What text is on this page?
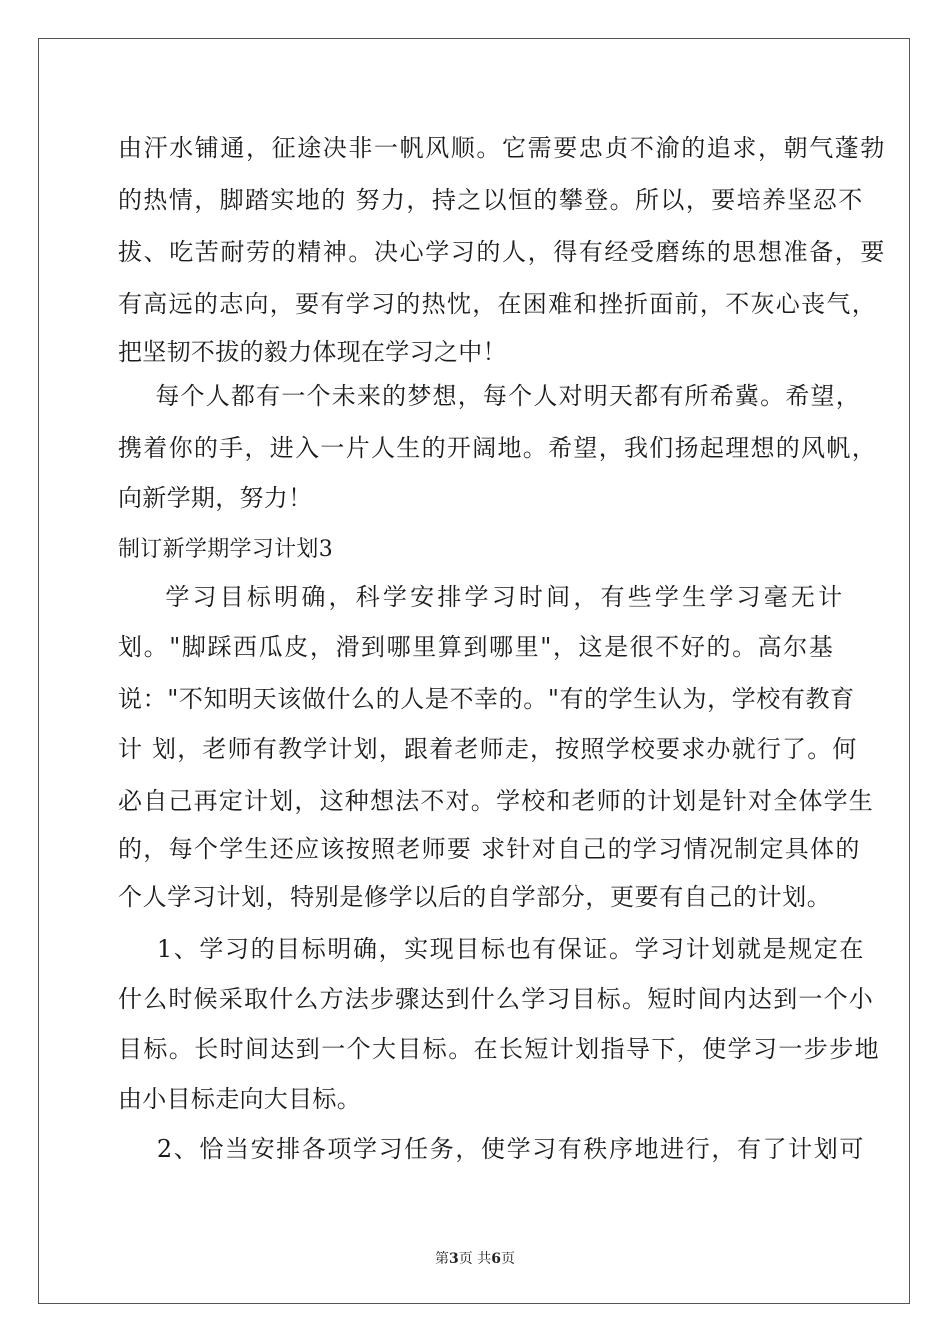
由汗水铺通，征途决非一帆风顺。它需要忠贞不渝的追求，朝气蓬勃
的热情，脚踏实地的 努力，持之以恒的攀登。所以，要培养坚忍不
拔、吃苦耐劳的精神。决心学习的人，得有经受磨练的思想准备，要
有高远的志向，要有学习的热忱，在困难和挫折面前，不灰心丧气，
把坚韧不拔的毅力体现在学习之中！
每个人都有一个未来的梦想，每个人对明天都有所希冀。希望，
携着你的手，进入一片人生的开阔地。希望，我们扬起理想的风帆，
向新学期，努力！
制订新学期学习计划3
学习目标明确，科学安排学习时间，有些学生学习毫无计
划。"脚踩西瓜皮，滑到哪里算到哪里"，这是很不好的。高尔基
说："不知明天该做什么的人是不幸的。"有的学生认为，学校有教育
计 划，老师有教学计划，跟着老师走，按照学校要求办就行了。何
必自己再定计划，这种想法不对。学校和老师的计划是针对全体学生
的，每个学生还应该按照老师要 求针对自己的学习情况制定具体的
个人学习计划，特别是修学以后的自学部分，更要有自己的计划。
1、学习的目标明确，实现目标也有保证。学习计划就是规定在
什么时候采取什么方法步骤达到什么学习目标。短时间内达到一个小
目标。长时间达到一个大目标。在长短计划指导下，使学习一步步地
由小目标走向大目标。
2、恰当安排各项学习任务，使学习有秩序地进行，有了计划可
第3页 共6页
